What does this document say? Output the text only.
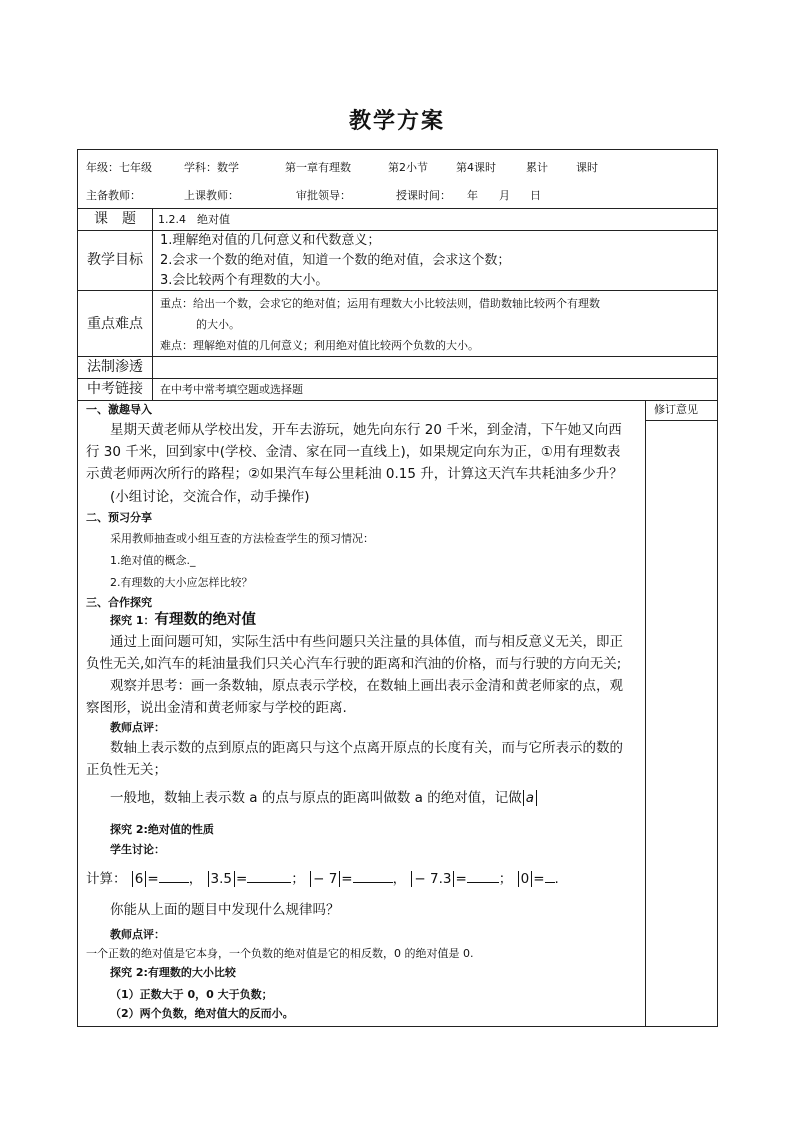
教学方案
年级：七年级	学科：数学	第一章有理数	第2小节	第4课时	累计	课时
主备教师：	上课教师：	审批领导：	授课时间： 年 月 日
课　题	1.2.4　绝对值
教学目标
1.理解绝对值的几何意义和代数意义；
2.会求一个数的绝对值，知道一个数的绝对值，会求这个数；
3.会比较两个有理数的大小。
重点难点
重点：给出一个数，会求它的绝对值；运用有理数大小比较法则，借助数轴比较两个有理数
的大小。
难点：理解绝对值的几何意义；利用绝对值比较两个负数的大小。
法制渗透
中考链接	在中考中常考填空题或选择题
修订意见
一、激趣导入
星期天黄老师从学校出发，开车去游玩，她先向东行 20 千米，到金清，下午她又向西
行 30 千米，回到家中(学校、金清、家在同一直线上)，如果规定向东为正，①用有理数表
示黄老师两次所行的路程；②如果汽车每公里耗油 0.15 升，计算这天汽车共耗油多少升？
(小组讨论，交流合作，动手操作)
二、预习分享
采用教师抽查或小组互查的方法检查学生的预习情况：
1.绝对值的概念._
2.有理数的大小应怎样比较？
三、合作探究
探究 1：有理数的绝对值
通过上面问题可知，实际生活中有些问题只关注量的具体值，而与相反意义无关，即正
负性无关,如汽车的耗油量我们只关心汽车行驶的距离和汽油的价格，而与行驶的方向无关;
观察并思考：画一条数轴，原点表示学校，在数轴上画出表示金清和黄老师家的点，观
察图形，说出金清和黄老师家与学校的距离.
教师点评：
数轴上表示数的点到原点的距离只与这个点离开原点的长度有关，而与它所表示的数的
正负性无关；
一般地，数轴上表示数 a 的点与原点的距离叫做数 a 的绝对值，记做 a
探究 2:绝对值的性质
学生讨论：
计算： 6 = ， 3.5 =	； − 7 =	， − 7.3 = ； 0 = .
你能从上面的题目中发现什么规律吗？
教师点评：
一个正数的绝对值是它本身，一个负数的绝对值是它的相反数，0 的绝对值是 0.
探究 2:有理数的大小比较
（1）正数大于 0，0 大于负数；
（2）两个负数，绝对值大的反而小。
